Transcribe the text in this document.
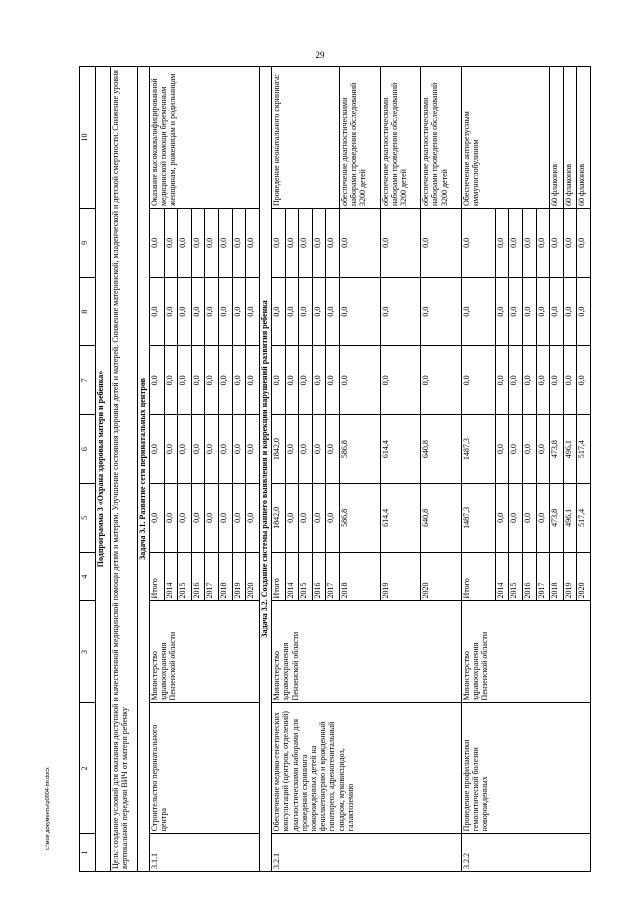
29
1	2	3	4	5	6	7	8	9	10
Подпрограмма 3 «Охрана здоровья матери и ребенка»									
Цель: создание условий для оказания доступной и качественной медицинской помощи детям и матерям. Улучшение состояния здоровья детей и матерей. Снижение материнской, младенческой и детской смертности. Снижение уровня вертикальной передачи ВИЧ от матери ребенку									
Задача 3.1. Развитие сети перинатальных центров									
3.1.1	Строительство перинатального центра	Министерство здравоохранения Пензенской области	Итого	0,0	0,0	0,0	0,0	0,0	Оказание высококвалифицированной медицинской помощи беременным женщинам, роженицам и родильницам
			2014	0,0	0,0	0,0	0,0	0,0	
			2015	0,0	0,0	0,0	0,0	0,0	
			2016	0,0	0,0	0,0	0,0	0,0	
			2017	0,0	0,0	0,0	0,0	0,0	
			2018	0,0	0,0	0,0	0,0	0,0	
			2019	0,0	0,0	0,0	0,0	0,0	
			2020	0,0	0,0	0,0	0,0	0,0	
Задача 3.2. Создание системы раннего выявления и коррекции нарушений развития ребенка									
3.2.1	Обеспечение медико-генетических консультаций (центров, отделений) диагностическими наборами для проведения скрининга новорожденных детей на фенилкетонурию и врожденный гипотиреоз, адреногенитальный синдром, муковисцидоз, галактоземию	Министерство здравоохранения Пензенской области	Итого	1842,0	1842,0	0,0	0,0	0,0	Проведение неонатального скрининга:
			2014	0,0	0,0	0,0	0,0	0,0	
			2015	0,0	0,0	0,0	0,0	0,0	
			2016	0,0	0,0	0,0	0,0	0,0	
			2017	0,0	0,0	0,0	0,0	0,0	
			2018	586,8	586,8	0,0	0,0	0,0	обеспечение диагностическими наборами проведения обследований 3200 детей
			2019	614,4	614,4	0,0	0,0	0,0	обеспечение диагностическими наборами проведения обследований 3200 детей
			2020	640,8	640,8	0,0	0,0	0,0	обеспечение диагностическими наборами проведения обследований 3200 детей
3.2.2	Проведение профилактики гемолитической болезни новорожденных	Министерство здравоохранения Пензенской области	Итого	1487,3	1487,3	0,0	0,0	0,0	Обеспечение антирезусным иммуноглобулином
			2014	0,0	0,0	0,0	0,0	0,0	
			2015	0,0	0,0	0,0	0,0	0,0	
			2016	0,0	0,0	0,0	0,0	0,0	
			2017	0,0	0,0	0,0	0,0	0,0	
			2018	473,8	473,8	0,0	0,0	0,0	60 флаконов
			2019	496,1	496,1	0,0	0,0	0,0	60 флаконов
			2020	517,4	517,4	0,0	0,0	0,0	60 флаконов
c:\мои документы\p0904-пп.docx
